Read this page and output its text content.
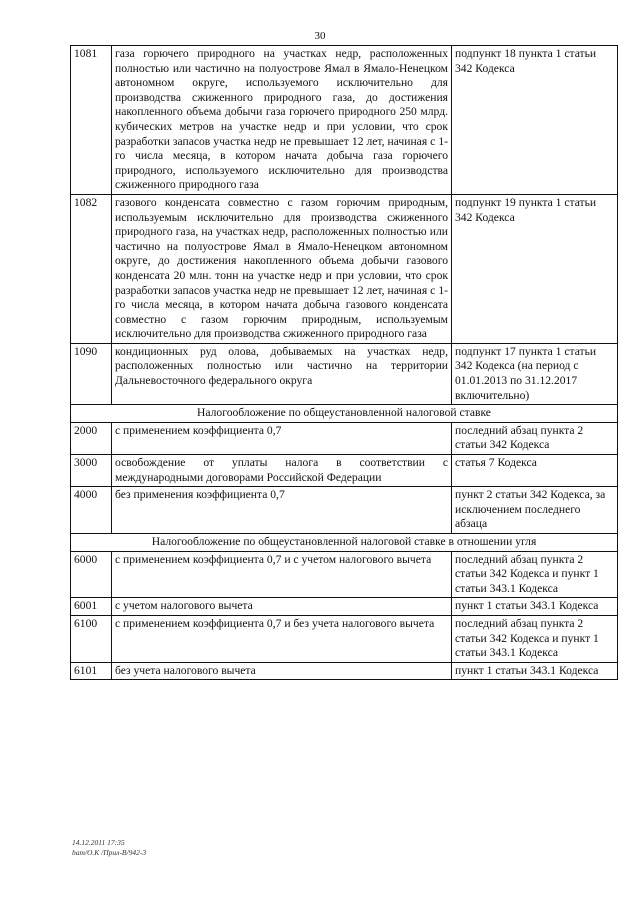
30
1081	газа горючего природного на участках недр, расположенных полностью или частично на полуострове Ямал в Ямало-Ненецком автономном округе, используемого исключительно для производства сжиженного природного газа, до достижения накопленного объема добычи газа горючего природного 250 млрд. кубических метров на участке недр и при условии, что срок разработки запасов участка недр не превышает 12 лет, начиная с 1-го числа месяца, в котором начата добыча газа горючего природного, используемого исключительно для производства сжиженного природного газа	подпункт 18 пункта 1 статьи 342 Кодекса
1082	газового конденсата совместно с газом горючим природным, используемым исключительно для производства сжиженного природного газа, на участках недр, расположенных полностью или частично на полуострове Ямал в Ямало-Ненецком автономном округе, до достижения накопленного объема добычи газового конденсата 20 млн. тонн на участке недр и при условии, что срок разработки запасов участка недр не превышает 12 лет, начиная с 1-го числа месяца, в котором начата добыча газового конденсата совместно с газом горючим природным, используемым исключительно для производства сжиженного природного газа	подпункт 19 пункта 1 статьи 342 Кодекса
1090	кондиционных руд олова, добываемых на участках недр, расположенных полностью или частично на территории Дальневосточного федерального округа	подпункт 17 пункта 1 статьи 342 Кодекса (на период с 01.01.2013 по 31.12.2017 включительно)
Налогообложение по общеустановленной налоговой ставке		
2000	с применением коэффициента 0,7	последний абзац пункта 2 статьи 342 Кодекса
3000	освобождение от уплаты налога в соответствии с международными договорами Российской Федерации	статья 7 Кодекса
4000	без применения коэффициента 0,7	пункт 2 статьи 342 Кодекса, за исключением последнего абзаца
Налогообложение по общеустановленной налоговой ставке в отношении угля		
6000	с применением коэффициента 0,7 и с учетом налогового вычета	последний абзац пункта 2 статьи 342 Кодекса и пункт 1 статьи 343.1 Кодекса
6001	с учетом налогового вычета	пункт 1 статьи 343.1 Кодекса
6100	с применением коэффициента 0,7 и без учета налогового вычета	последний абзац пункта 2 статьи 342 Кодекса и пункт 1 статьи 343.1 Кодекса
6101	без учета налогового вычета	пункт 1 статьи 343.1 Кодекса
14.12.2011 17:35
bam/O.K /Прил-В/942-3
